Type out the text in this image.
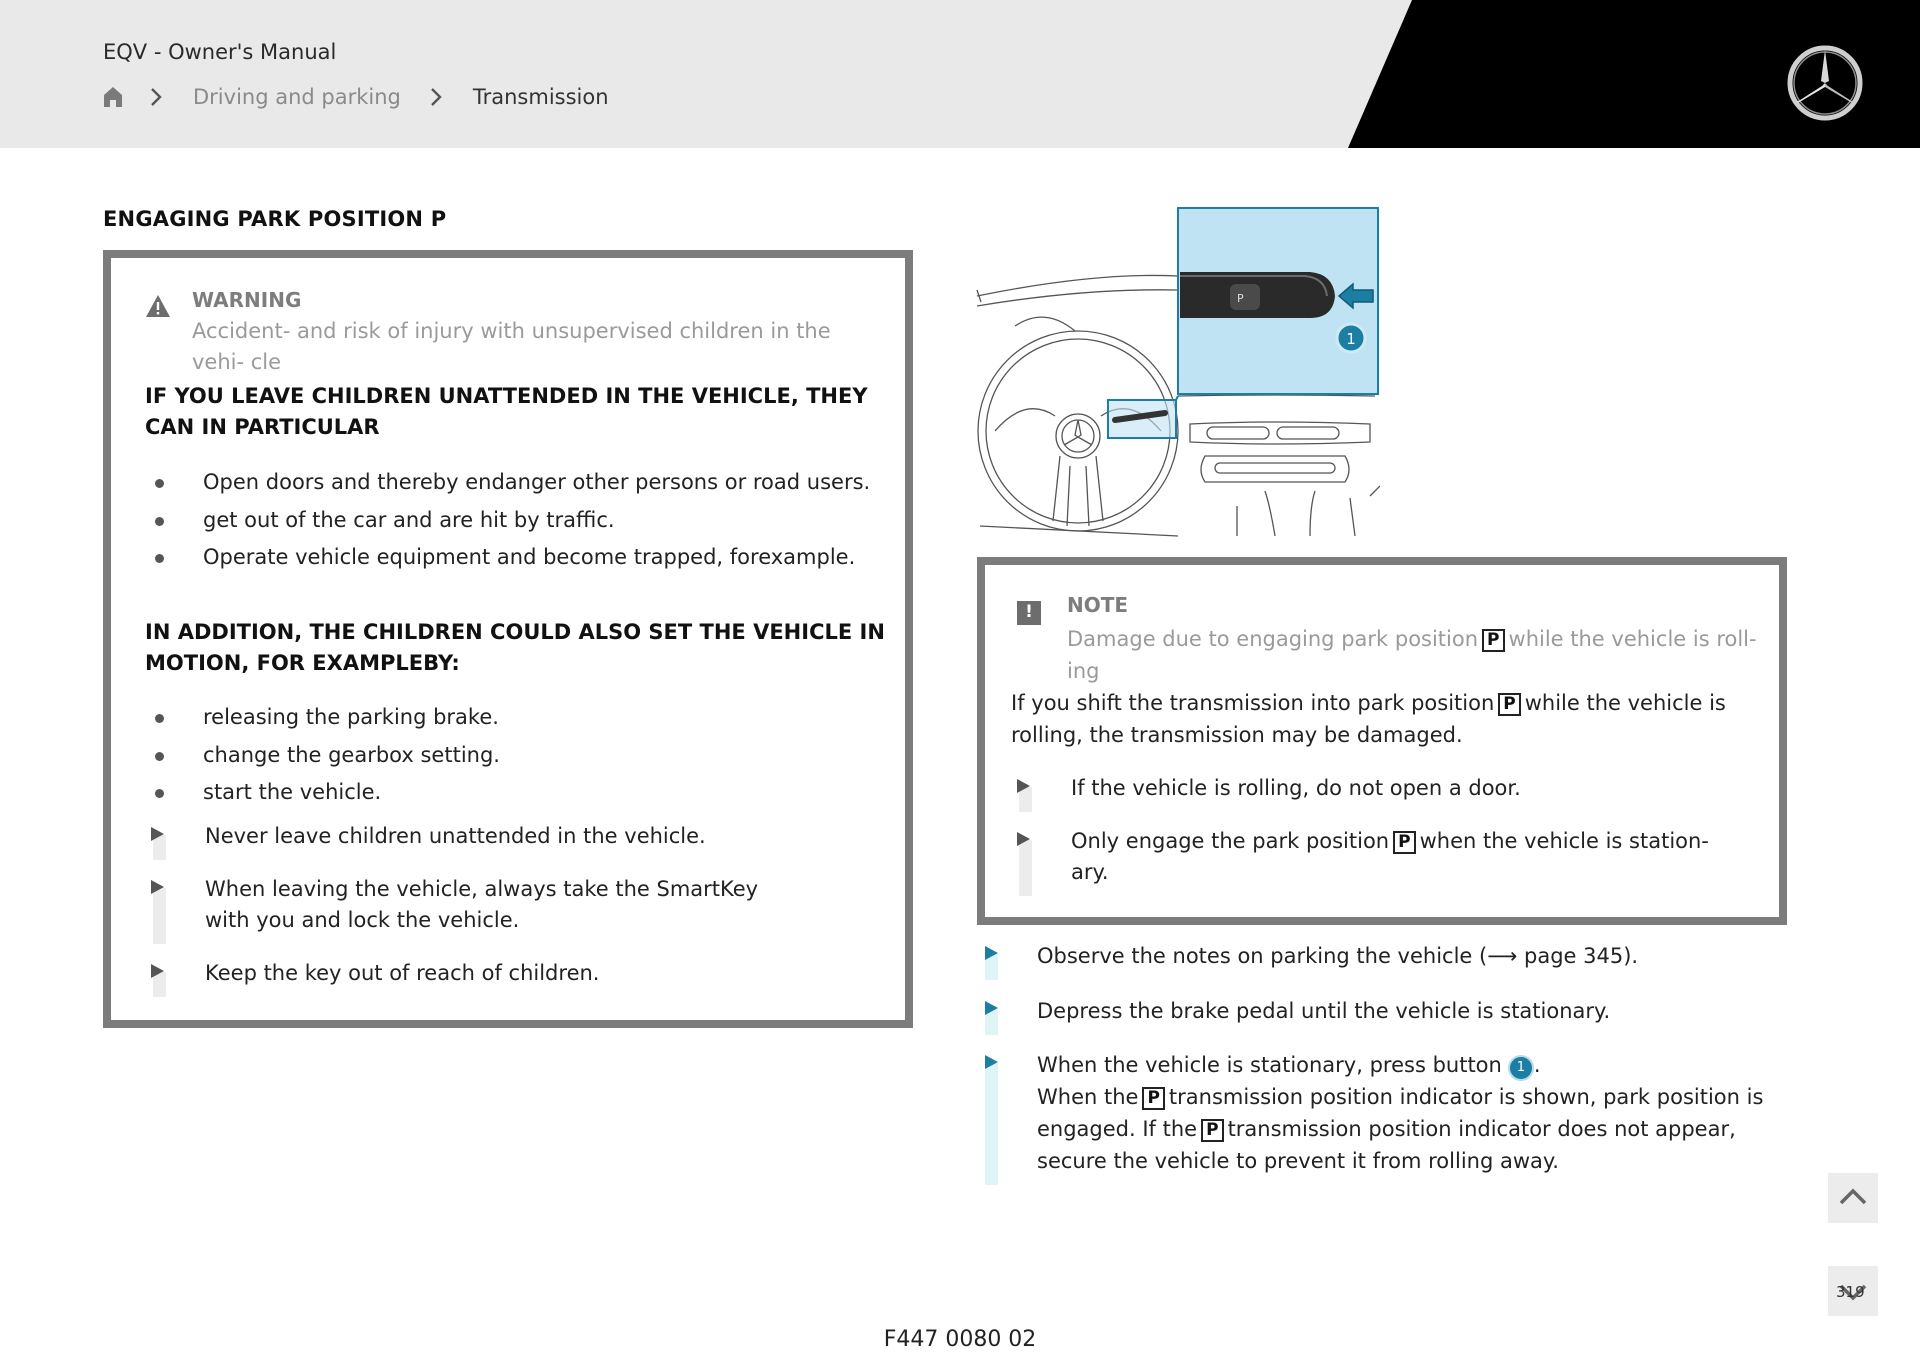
EQV - Owner's Manual
Driving and parking	Transmission
ENGAGING PARK POSITION P
WARNING
Accident- and risk of injury with unsupervised children in the vehi- cle
IF YOU LEAVE CHILDREN UNATTENDED IN THE VEHICLE, THEY CAN IN PARTICULAR
Open doors and thereby endanger other persons or road users.
get out of the car and are hit by traffic.
Operate vehicle equipment and become trapped, forexample.
IN ADDITION, THE CHILDREN COULD ALSO SET THE VEHICLE IN MOTION, FOR EXAMPLEBY:
releasing the parking brake.
change the gearbox setting.
start the vehicle.
Never leave children unattended in the vehicle.
When leaving the vehicle, always take the SmartKey with you and lock the vehicle.
Keep the key out of reach of children.
P
1
!	NOTE
Damage due to engaging park position P while the vehicle is roll- ing
If you shift the transmission into park position P while the vehicle is rolling, the transmission may be damaged.
If the vehicle is rolling, do not open a door.
Only engage the park position P when the vehicle is station- ary.
Observe the notes on parking the vehicle (⟶ page 345).
Depress the brake pedal until the vehicle is stationary.
When the vehicle is stationary, press button 1 .
When the P transmission position indicator is shown, park position is engaged. If the P transmission position indicator does not appear, secure the vehicle to prevent it from rolling away.
319
F447 0080 02
